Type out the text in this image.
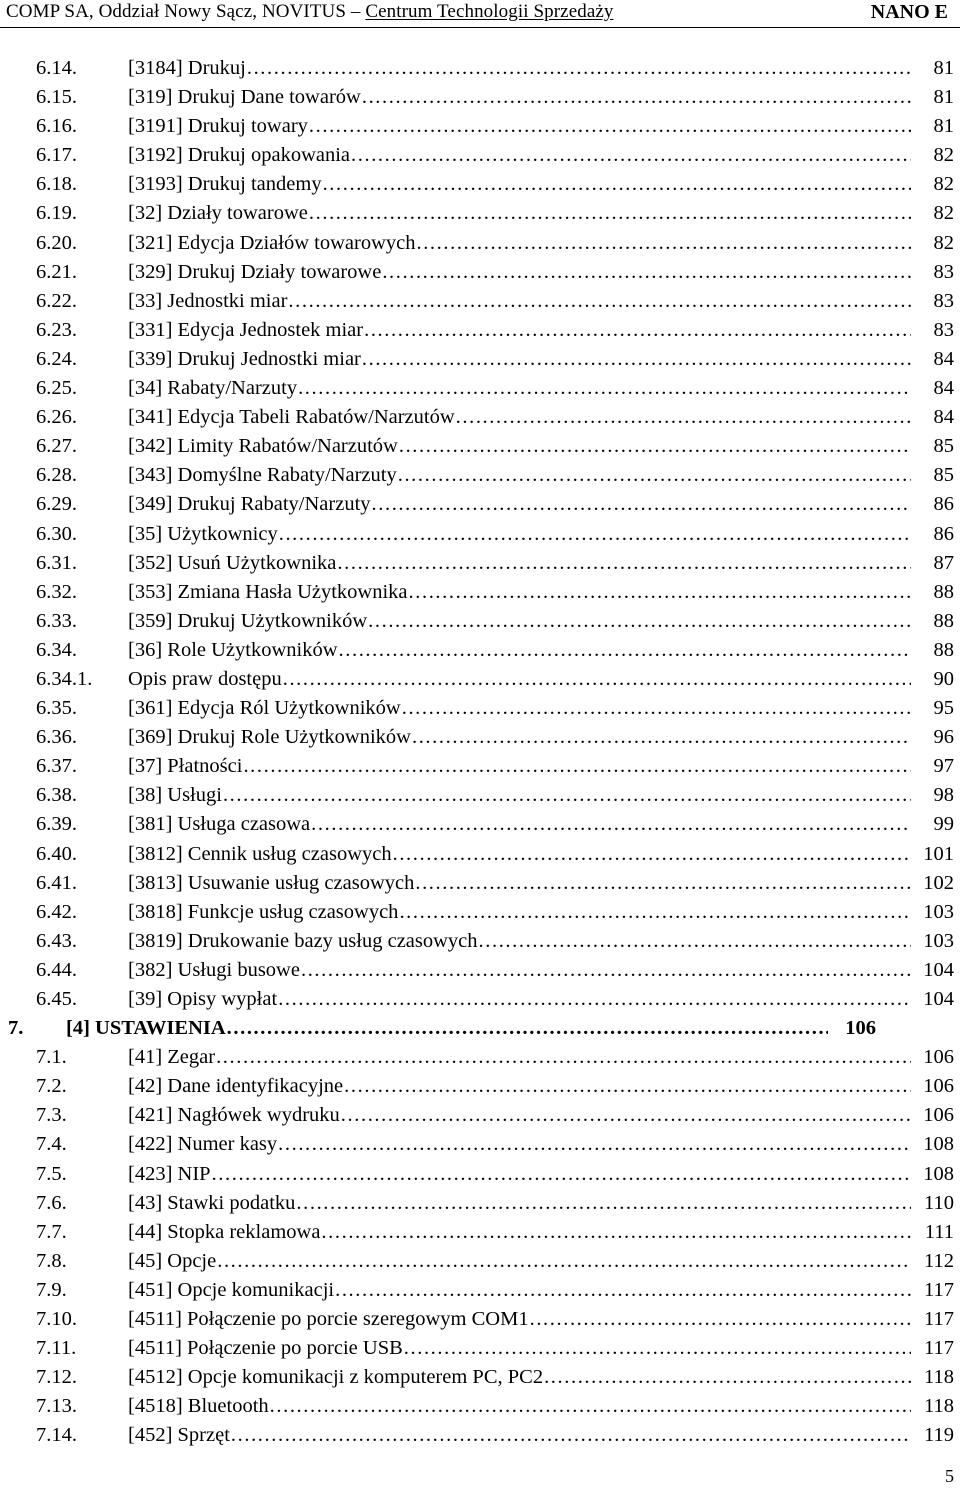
COMP SA, Oddział Nowy Sącz, NOVITUS – Centrum Technologii Sprzedaży	NANO E
6.14. [3184] Drukuj .....	81
6.15. [319] Drukuj Dane towarów .....	81
6.16. [3191] Drukuj towary .....	81
6.17. [3192] Drukuj opakowania .....	82
6.18. [3193] Drukuj tandemy .....	82
6.19. [32] Działy towarowe .....	82
6.20. [321] Edycja Działów towarowych .....	82
6.21. [329] Drukuj Działy towarowe .....	83
6.22. [33] Jednostki miar .....	83
6.23. [331] Edycja Jednostek miar .....	83
6.24. [339] Drukuj Jednostki miar .....	84
6.25. [34] Rabaty/Narzuty .....	84
6.26. [341] Edycja Tabeli Rabatów/Narzutów .....	84
6.27. [342] Limity Rabatów/Narzutów .....	85
6.28. [343] Domyślne Rabaty/Narzuty .....	85
6.29. [349] Drukuj Rabaty/Narzuty .....	86
6.30. [35] Użytkownicy .....	86
6.31. [352] Usuń Użytkownika .....	87
6.32. [353] Zmiana Hasła Użytkownika .....	88
6.33. [359] Drukuj Użytkowników .....	88
6.34. [36] Role Użytkowników .....	88
6.34.1. Opis praw dostępu .....	90
6.35. [361] Edycja Ról Użytkowników .....	95
6.36. [369] Drukuj Role Użytkowników .....	96
6.37. [37] Płatności .....	97
6.38. [38] Usługi .....	98
6.39. [381] Usługa czasowa .....	99
6.40. [3812] Cennik usług czasowych .....	101
6.41. [3813] Usuwanie usług czasowych .....	102
6.42. [3818] Funkcje usług czasowych .....	103
6.43. [3819] Drukowanie bazy usług czasowych .....	103
6.44. [382] Usługi busowe .....	104
6.45. [39] Opisy wypłat .....	104
7. [4] USTAWIENIA .....	106
7.1.	[41] Zegar .....	106
7.2.	[42] Dane identyfikacyjne .....	106
7.3.	[421] Nagłówek wydruku .....	106
7.4.	[422] Numer kasy .....	108
7.5.	[423] NIP .....	108
7.6.	[43] Stawki podatku .....	110
7.7.	[44] Stopka reklamowa .....	111
7.8.	[45] Opcje .....	112
7.9.	[451] Opcje komunikacji .....	117
7.10. [4511] Połączenie po porcie szeregowym COM1 .....	117
7.11.	[4511] Połączenie po porcie USB .....	117
7.12. [4512] Opcje komunikacji z komputerem PC, PC2 .....	118
7.13. [4518] Bluetooth .....	118
7.14. [452] Sprzęt .....	119
5
